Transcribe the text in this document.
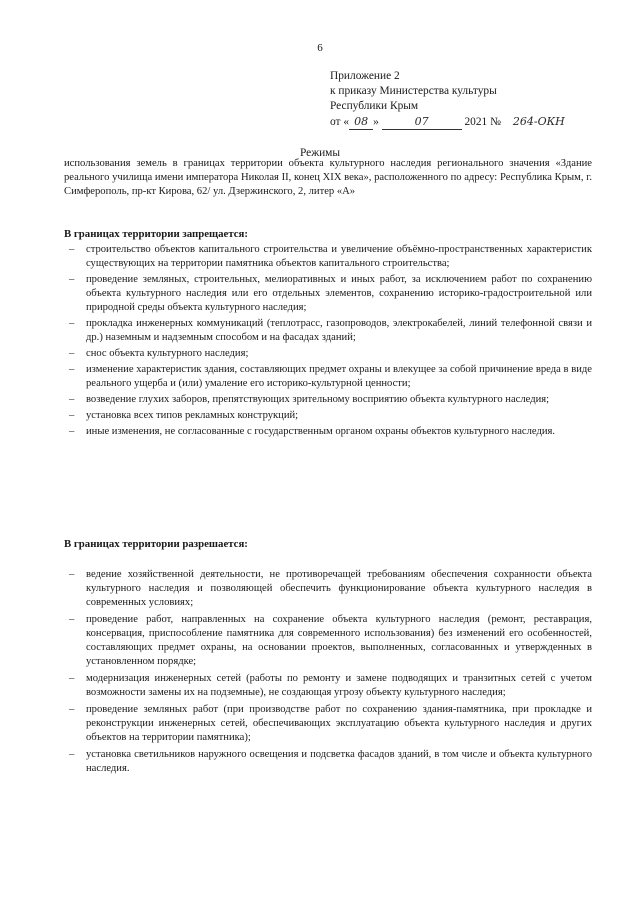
6
Приложение 2
к приказу Министерства культуры
Республики Крым
от « 08 »	07	2021 № 264-ОКН
Режимы
использования земель в границах территории объекта культурного наследия регионального значения «Здание реального училища имени императора Николая II, конец XIX века», расположенного по адресу: Республика Крым, г. Симферополь, пр-кт Кирова, 62/ ул. Дзержинского, 2, литер «А»
В границах территории запрещается:
– строительство объектов капитального строительства и увеличение объёмно-пространственных характеристик существующих на территории памятника объектов капитального строительства;
– проведение земляных, строительных, мелиоративных и иных работ, за исключением работ по сохранению объекта культурного наследия или его отдельных элементов, сохранению историко-градостроительной или природной среды объекта культурного наследия;
– прокладка инженерных коммуникаций (теплотрасс, газопроводов, электрокабелей, линий телефонной связи и др.) наземным и надземным способом и на фасадах зданий;
– снос объекта культурного наследия;
– изменение характеристик здания, составляющих предмет охраны и влекущее за собой причинение вреда в виде реального ущерба и (или) умаление его историко-культурной ценности;
– возведение глухих заборов, препятствующих зрительному восприятию объекта культурного наследия;
– установка всех типов рекламных конструкций;
– иные изменения, не согласованные с государственным органом охраны объектов культурного наследия.
В границах территории разрешается:
– ведение хозяйственной деятельности, не противоречащей требованиям обеспечения сохранности объекта культурного наследия и позволяющей обеспечить функционирование объекта культурного наследия в современных условиях;
– проведение работ, направленных на сохранение объекта культурного наследия (ремонт, реставрация, консервация, приспособление памятника для современного использования) без изменений его особенностей, составляющих предмет охраны, на основании проектов, выполненных, согласованных и утвержденных в установленном порядке;
– модернизация инженерных сетей (работы по ремонту и замене подводящих и транзитных сетей с учетом возможности замены их на подземные), не создающая угрозу объекту культурного наследия;
– проведение земляных работ (при производстве работ по сохранению здания-памятника, при прокладке и реконструкции инженерных сетей, обеспечивающих эксплуатацию объекта культурного наследия и других объектов на территории памятника);
– установка светильников наружного освещения и подсветка фасадов зданий, в том числе и объекта культурного наследия.
